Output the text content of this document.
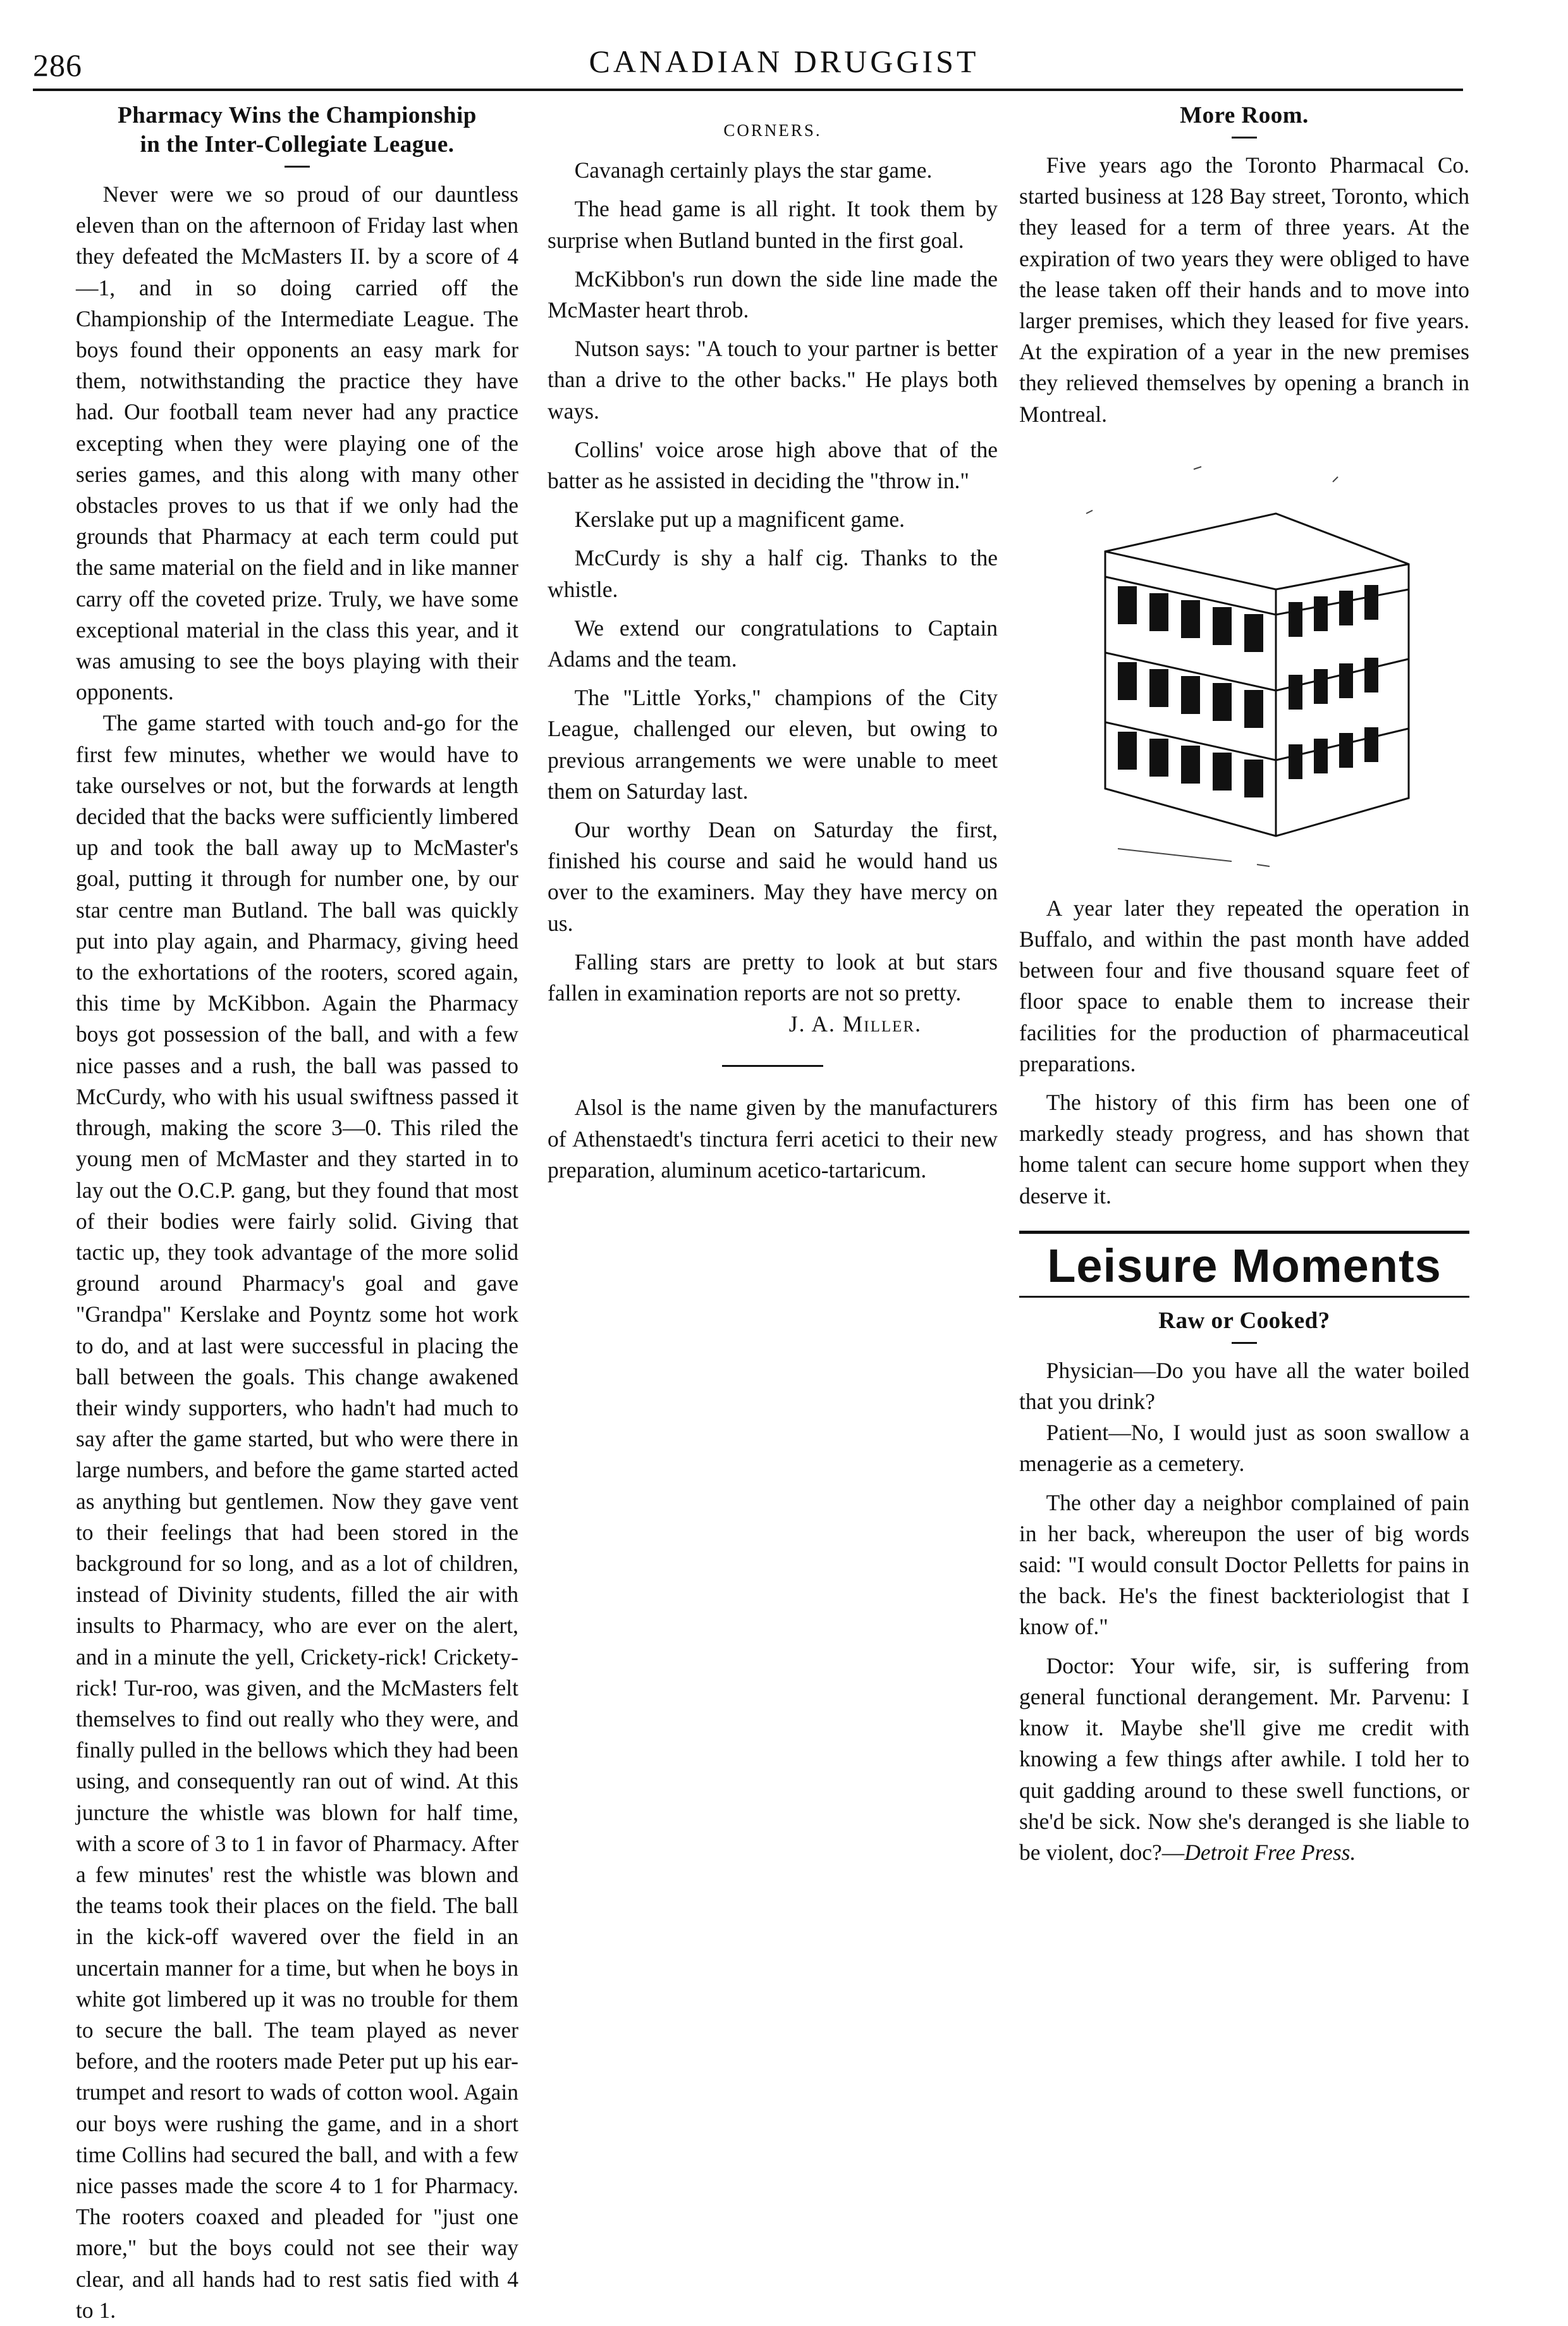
286	CANADIAN DRUGGIST
Pharmacy Wins the Championship
in the Inter-Collegiate League.

Never were we so proud of our dauntless eleven than on the afternoon of Friday last when they defeated the McMasters II. by a score of 4—1, and in so doing carried off the Championship of the Intermediate League. The boys found their opponents an easy mark for them, notwithstanding the practice they have had. Our football team never had any practice excepting when they were playing one of the series games, and this along with many other obstacles proves to us that if we only had the grounds that Pharmacy at each term could put the same material on the field and in like manner carry off the coveted prize. Truly, we have some exceptional material in the class this year, and it was amusing to see the boys playing with their opponents.

The game started with touch and-go for the first few minutes, whether we would have to take ourselves or not, but the forwards at length decided that the backs were sufficiently limbered up and took the ball away up to McMaster's goal, putting it through for number one, by our star centre man Butland. The ball was quickly put into play again, and Pharmacy, giving heed to the exhortations of the rooters, scored again, this time by McKibbon. Again the Pharmacy boys got possession of the ball, and with a few nice passes and a rush, the ball was passed to McCurdy, who with his usual swiftness passed it through, making the score 3—0. This riled the young men of McMaster and they started in to lay out the O.C.P. gang, but they found that most of their bodies were fairly solid. Giving that tactic up, they took advantage of the more solid ground around Pharmacy's goal and gave "Grandpa" Kerslake and Poyntz some hot work to do, and at last were successful in placing the ball between the goals. This change awakened their windy supporters, who hadn't had much to say after the game started, but who were there in large numbers, and before the game started acted as anything but gentlemen. Now they gave vent to their feelings that had been stored in the background for so long, and as a lot of children, instead of Divinity students, filled the air with insults to Pharmacy, who are ever on the alert, and in a minute the yell, Crickety-rick! Crickety-rick! Tur-roo, was given, and the McMasters felt themselves to find out really who they were, and finally pulled in the bellows which they had been using, and consequently ran out of wind. At this juncture the whistle was blown for half time, with a score of 3 to 1 in favor of Pharmacy. After a few minutes' rest the whistle was blown and the teams took their places on the field. The ball in the kick-off wavered over the field in an uncertain manner for a time, but when he boys in white got limbered up it was no trouble for them to secure the ball. The team played as never before, and the rooters made Peter put up his ear-trumpet and resort to wads of cotton wool. Again our boys were rushing the game, and in a short time Collins had secured the ball, and with a few nice passes made the score 4 to 1 for Pharmacy. The rooters coaxed and pleaded for "just one more," but the boys could not see their way clear, and all hands had to rest satis fied with 4 to 1.

CORNERS.

Cavanagh certainly plays the star game.

The head game is all right. It took them by surprise when Butland bunted in the first goal.

McKibbon's run down the side line made the McMaster heart throb.

Nutson says: "A touch to your partner is better than a drive to the other backs." He plays both ways.

Collins' voice arose high above that of the batter as he assisted in deciding the "throw in."

Kerslake put up a magnificent game.

McCurdy is shy a half cig. Thanks to the whistle.

We extend our congratulations to Captain Adams and the team.

The "Little Yorks," champions of the City League, challenged our eleven, but owing to previous arrangements we were unable to meet them on Saturday last.

Our worthy Dean on Saturday the first, finished his course and said he would hand us over to the examiners. May they have mercy on us.

Falling stars are pretty to look at but stars fallen in examination reports are not so pretty.

J. A. Miller.

Alsol is the name given by the manufacturers of Athenstaedt's tinctura ferri acetici to their new preparation, aluminum acetico-tartaricum.

More Room.

Five years ago the Toronto Pharmacal Co. started business at 128 Bay street, Toronto, which they leased for a term of three years. At the expiration of two years they were obliged to have the lease taken off their hands and to move into larger premises, which they leased for five years. At the expiration of a year in the new premises they relieved themselves by opening a branch in Montreal.

A year later they repeated the operation in Buffalo, and within the past month have added between four and five thousand square feet of floor space to enable them to increase their facilities for the production of pharmaceutical preparations.

The history of this firm has been one of markedly steady progress, and has shown that home talent can secure home support when they deserve it.

Leisure Moments
Raw or Cooked?

Physician—Do you have all the water boiled that you drink?

Patient—No, I would just as soon swallow a menagerie as a cemetery.

The other day a neighbor complained of pain in her back, whereupon the user of big words said: "I would consult Doctor Pelletts for pains in the back. He's the finest backteriologist that I know of."

Doctor: Your wife, sir, is suffering from general functional derangement. Mr. Parvenu: I know it. Maybe she'll give me credit with knowing a few things after awhile. I told her to quit gadding around to these swell functions, or she'd be sick. Now she's deranged is she liable to be violent, doc?—Detroit Free Press.
